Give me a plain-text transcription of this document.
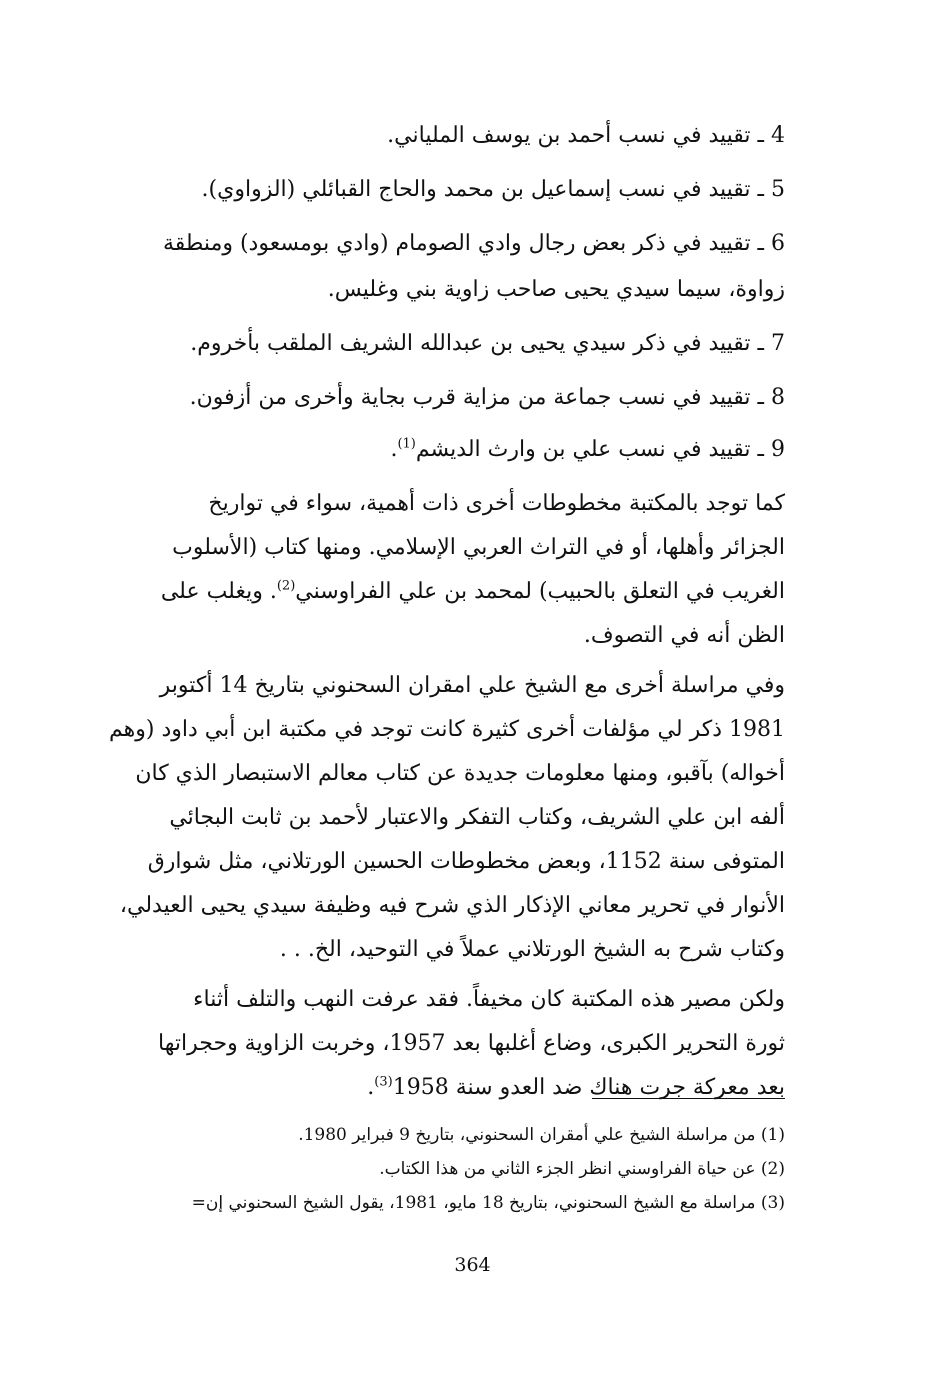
4 ـ تقييد في نسب أحمد بن يوسف الملياني.

5 ـ تقييد في نسب إسماعيل بن محمد والحاج القبائلي (الزواوي).

6 ـ تقييد في ذكر بعض رجال وادي الصومام (وادي بومسعود) ومنطقة

زواوة، سيما سيدي يحيى صاحب زاوية بني وغليس.

7 ـ تقييد في ذكر سيدي يحيى بن عبدالله الشريف الملقب بأخروم.

8 ـ تقييد في نسب جماعة من مزاية قرب بجاية وأخرى من أزفون.

9 ـ تقييد في نسب علي بن وارث الديشم$^{(1)}$.

كما توجد بالمكتبة مخطوطات أخرى ذات أهمية، سواء في تواريخ

الجزائر وأهلها، أو في التراث العربي الإسلامي. ومنها كتاب (الأسلوب

الغريب في التعلق بالحبيب) لمحمد بن علي الفراوسني$^{(2)}$. ويغلب على

الظن أنه في التصوف.

وفي مراسلة أخرى مع الشيخ علي امقران السحنوني بتاريخ 14 أكتوبر

1981 ذكر لي مؤلفات أخرى كثيرة كانت توجد في مكتبة ابن أبي داود (وهم

أخواله) بآقبو، ومنها معلومات جديدة عن كتاب معالم الاستبصار الذي كان

ألفه ابن علي الشريف، وكتاب التفكر والاعتبار لأحمد بن ثابت البجائي

المتوفى سنة 1152، وبعض مخطوطات الحسين الورتلاني، مثل شوارق

الأنوار في تحرير معاني الإذكار الذي شرح فيه وظيفة سيدي يحيى العيدلي،

وكتاب شرح به الشيخ الورتلاني عملاً في التوحيد، الخ. . .

ولكن مصير هذه المكتبة كان مخيفاً. فقد عرفت النهب والتلف أثناء

ثورة التحرير الكبرى، وضاع أغلبها بعد 1957، وخربت الزاوية وحجراتها

بعد معركة جرت هناك ضد العدو سنة 1958$^{(3)}$.

(1) من مراسلة الشيخ علي أمقران السحنوني، بتاريخ 9 فبراير 1980.

(2) عن حياة الفراوسني انظر الجزء الثاني من هذا الكتاب.

(3) مراسلة مع الشيخ السحنوني، بتاريخ 18 مايو، 1981، يقول الشيخ السحنوني إن=

364
